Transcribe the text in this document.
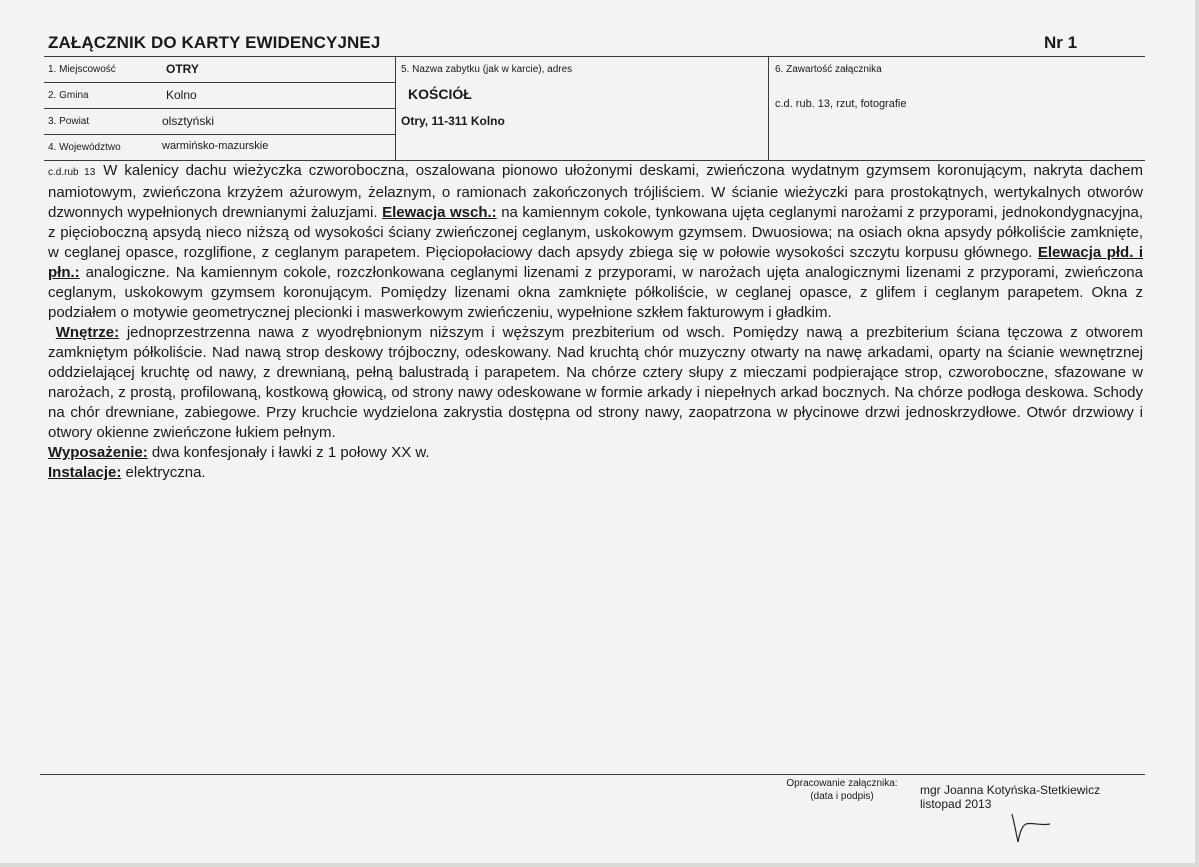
ZAŁĄCZNIK DO KARTY EWIDENCYJNEJ	Nr 1
1. Miejscowość	OTRY
2. Gmina	Kolno
3. Powiat	olsztyński
4. Województwo	warmińsko-mazurskie
5. Nazwa zabytku (jak w karcie), adres
KOŚCIÓŁ
Otry, 11-311 Kolno
6. Zawartość załącznika
c.d. rub. 13, rzut, fotografie

c.d.rub 13 W kalenicy dachu wieżyczka czworoboczna, oszalowana pionowo ułożonymi deskami, zwieńczona wydatnym gzymsem koronującym, nakryta dachem namiotowym, zwieńczona krzyżem ażurowym, żelaznym, o ramionach zakończonych trójliściem. W ścianie wieżyczki para prostokątnych, wertykalnych otworów dzwonnych wypełnionych drewnianymi żaluzjami. Elewacja wsch.: na kamiennym cokole, tynkowana ujęta ceglanymi narożami z przyporami, jednokondygnacyjna, z pięcioboczną apsydą nieco niższą od wysokości ściany zwieńczonej ceglanym, uskokowym gzymsem. Dwuosiowa; na osiach okna apsydy półkoliście zamknięte, w ceglanej opasce, rozglifione, z ceglanym parapetem. Pięciopołaciowy dach apsydy zbiega się w połowie wysokości szczytu korpusu głównego. Elewacja płd. i płn.: analogiczne. Na kamiennym cokole, rozczłonkowana ceglanymi lizenami z przyporami, w narożach ujęta analogicznymi lizenami z przyporami, zwieńczona ceglanym, uskokowym gzymsem koronującym. Pomiędzy lizenami okna zamknięte półkoliście, w ceglanej opasce, z glifem i ceglanym parapetem. Okna z podziałem o motywie geometrycznej plecionki i maswerkowym zwieńczeniu, wypełnione szkłem fakturowym i gładkim.

Wnętrze: jednoprzestrzenna nawa z wyodrębnionym niższym i węższym prezbiterium od wsch. Pomiędzy nawą a prezbiterium ściana tęczowa z otworem zamkniętym półkoliście. Nad nawą strop deskowy trójboczny, odeskowany. Nad kruchtą chór muzyczny otwarty na nawę arkadami, oparty na ścianie wewnętrznej oddzielającej kruchtę od nawy, z drewnianą, pełną balustradą i parapetem. Na chórze cztery słupy z mieczami podpierające strop, czworoboczne, sfazowane w narożach, z prostą, profilowaną, kostkową głowicą, od strony nawy odeskowane w formie arkady i niepełnych arkad bocznych. Na chórze podłoga deskowa. Schody na chór drewniane, zabiegowe. Przy kruchcie wydzielona zakrystia dostępna od strony nawy, zaopatrzona w płycinowe drzwi jednoskrzydłowe. Otwór drzwiowy i otwory okienne zwieńczone łukiem pełnym.

Wyposażenie: dwa konfesjonały i ławki z 1 połowy XX w.

Instalacje: elektryczna.

Opracowanie załącznika:
(data i podpis)	mgr Joanna Kotyńska-Stetkiewicz
listopad 2013
